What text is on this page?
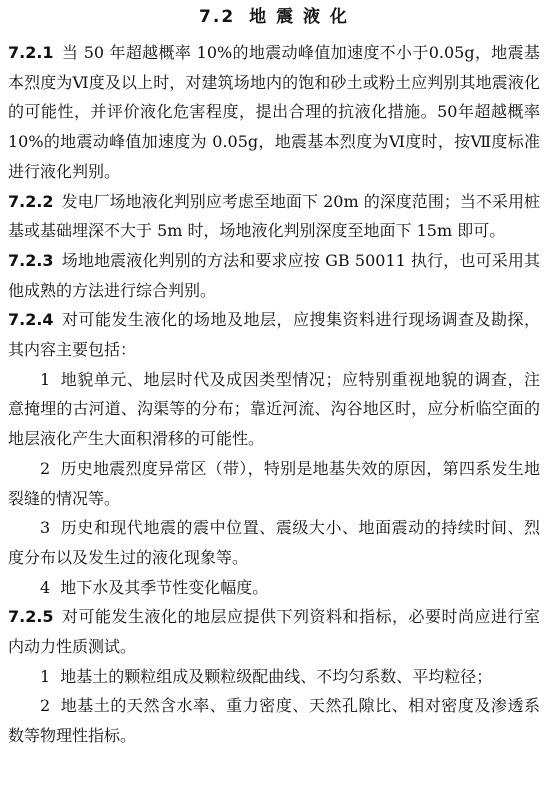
7.2 地 震 液 化

7.2.1 当 50 年超越概率 10%的地震动峰值加速度不小于0.05g，地震基本烈度为Ⅵ度及以上时，对建筑场地内的饱和砂土或粉土应判别其地震液化的可能性，并评价液化危害程度，提出合理的抗液化措施。50年超越概率 10%的地震动峰值加速度为 0.05g，地震基本烈度为Ⅵ度时，按Ⅶ度标准进行液化判别。

7.2.2 发电厂场地液化判别应考虑至地面下 20m 的深度范围；当不采用桩基或基础埋深不大于 5m 时，场地液化判别深度至地面下 15m 即可。

7.2.3 场地地震液化判别的方法和要求应按 GB 50011 执行，也可采用其他成熟的方法进行综合判别。

7.2.4 对可能发生液化的场地及地层，应搜集资料进行现场调查及勘探，其内容主要包括：

1 地貌单元、地层时代及成因类型情况；应特别重视地貌的调查，注意掩埋的古河道、沟渠等的分布；靠近河流、沟谷地区时，应分析临空面的地层液化产生大面积滑移的可能性。

2 历史地震烈度异常区（带），特别是地基失效的原因，第四系发生地裂缝的情况等。

3 历史和现代地震的震中位置、震级大小、地面震动的持续时间、烈度分布以及发生过的液化现象等。

4 地下水及其季节性变化幅度。

7.2.5 对可能发生液化的地层应提供下列资料和指标，必要时尚应进行室内动力性质测试。

1 地基土的颗粒组成及颗粒级配曲线、不均匀系数、平均粒径；

2 地基土的天然含水率、重力密度、天然孔隙比、相对密度及渗透系数等物理性指标。
